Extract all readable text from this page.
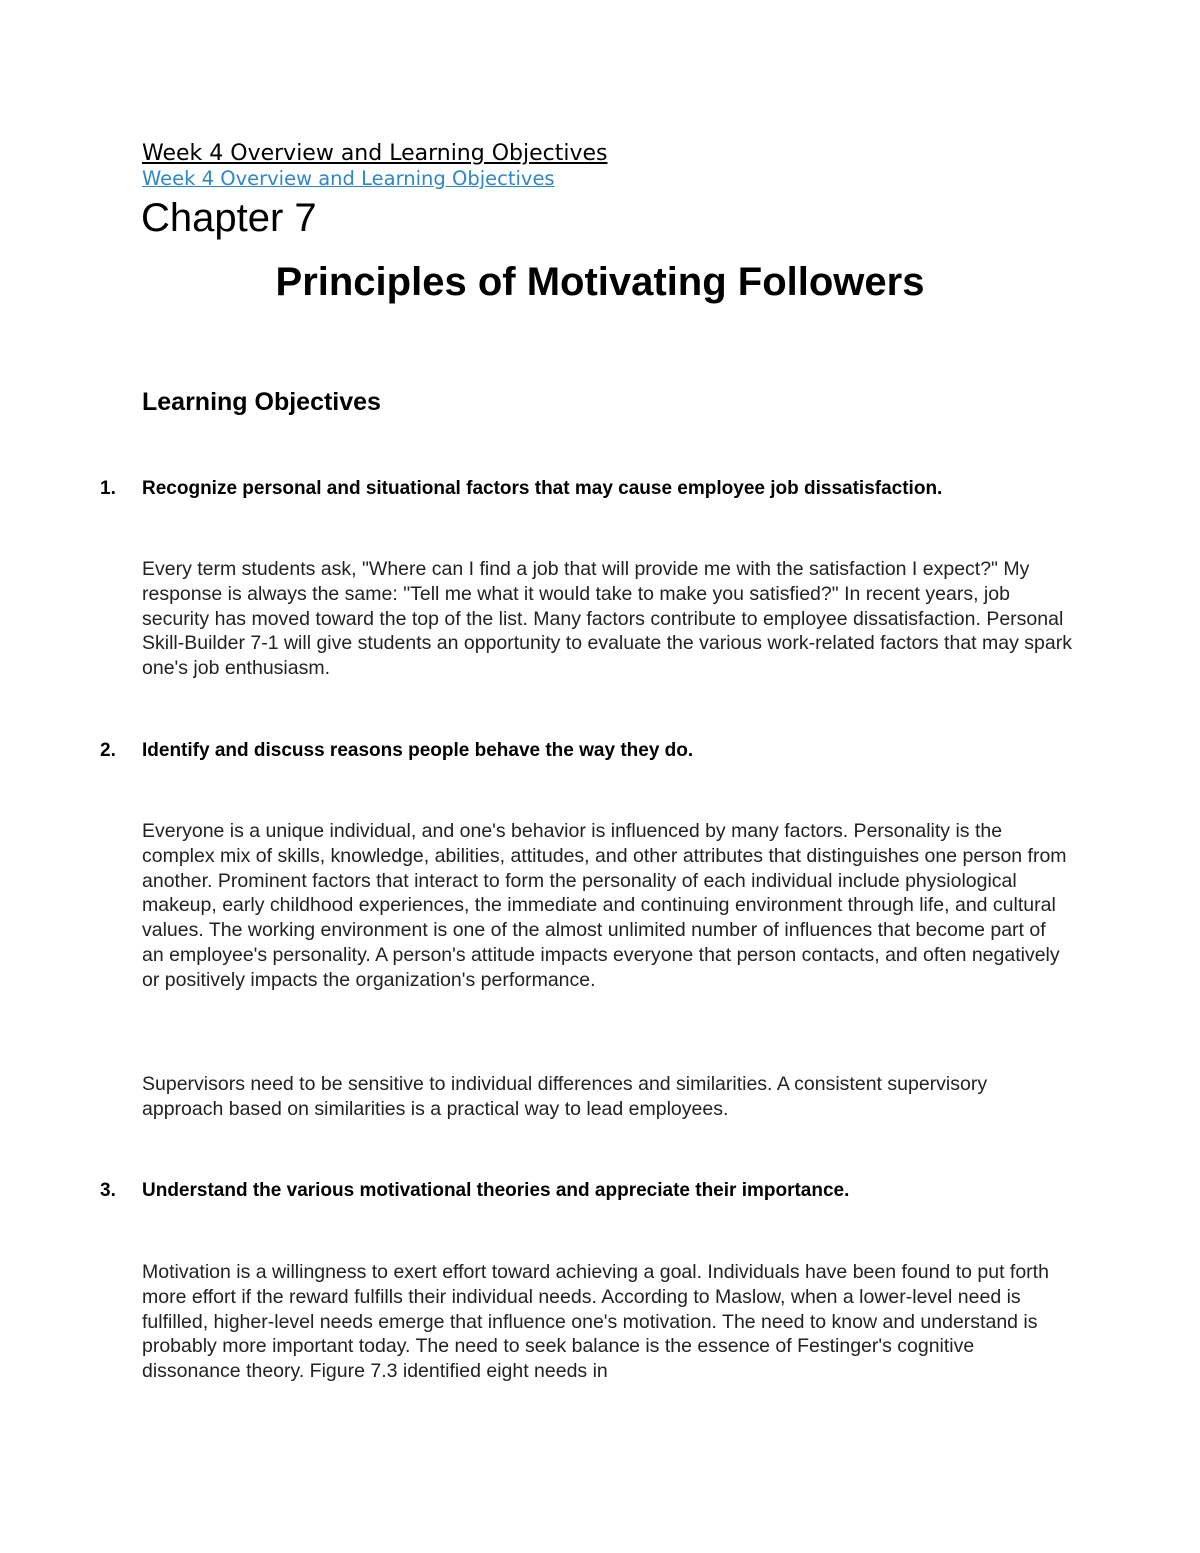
Week 4 Overview and Learning Objectives
Week 4 Overview and Learning Objectives
Chapter 7
Principles of Motivating Followers
Learning Objectives
1. Recognize personal and situational factors that may cause employee job dissatisfaction.
Every term students ask, "Where can I find a job that will provide me with the satisfaction I expect?" My response is always the same: "Tell me what it would take to make you satisfied?" In recent years, job security has moved toward the top of the list. Many factors contribute to employee dissatisfaction. Personal Skill-Builder 7-1 will give students an opportunity to evaluate the various work-related factors that may spark one's job enthusiasm.
2. Identify and discuss reasons people behave the way they do.
Everyone is a unique individual, and one's behavior is influenced by many factors. Personality is the complex mix of skills, knowledge, abilities, attitudes, and other attributes that distinguishes one person from another. Prominent factors that interact to form the personality of each individual include physiological makeup, early childhood experiences, the immediate and continuing environment through life, and cultural values. The working environment is one of the almost unlimited number of influences that become part of an employee's personality. A person's attitude impacts everyone that person contacts, and often negatively or positively impacts the organization's performance.
Supervisors need to be sensitive to individual differences and similarities. A consistent supervisory approach based on similarities is a practical way to lead employees.
3. Understand the various motivational theories and appreciate their importance.
Motivation is a willingness to exert effort toward achieving a goal. Individuals have been found to put forth more effort if the reward fulfills their individual needs. According to Maslow, when a lower-level need is fulfilled, higher-level needs emerge that influence one's motivation. The need to know and understand is probably more important today. The need to seek balance is the essence of Festinger's cognitive dissonance theory. Figure 7.3 identified eight needs in
